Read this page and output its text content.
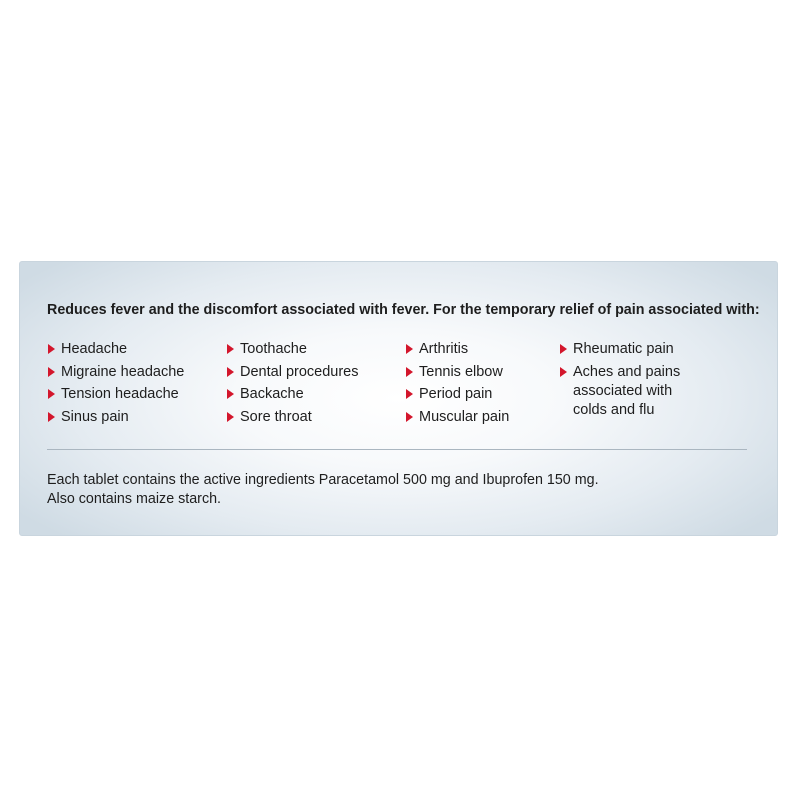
Reduces fever and the discomfort associated with fever. For the temporary relief of pain associated with:

Headache
Migraine headache
Tension headache
Sinus pain
Toothache
Dental procedures
Backache
Sore throat
Arthritis
Tennis elbow
Period pain
Muscular pain
Rheumatic pain
Aches and pains associated with colds and flu

Each tablet contains the active ingredients Paracetamol 500 mg and Ibuprofen 150 mg.
Also contains maize starch.
